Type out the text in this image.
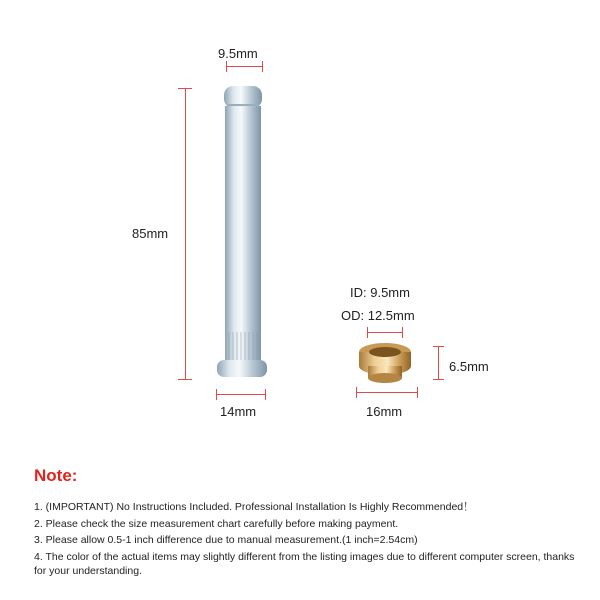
9.5mm
85mm
14mm
ID: 9.5mm
OD: 12.5mm
6.5mm
16mm
Note:
1. (IMPORTANT) No Instructions Included. Professional Installation Is Highly Recommended！
2. Please check the size measurement chart carefully before making payment.
3. Please allow 0.5-1 inch difference due to manual measurement.(1 inch=2.54cm)
4. The color of the actual items may slightly different from the listing images due to different computer screen, thanks for your understanding.
